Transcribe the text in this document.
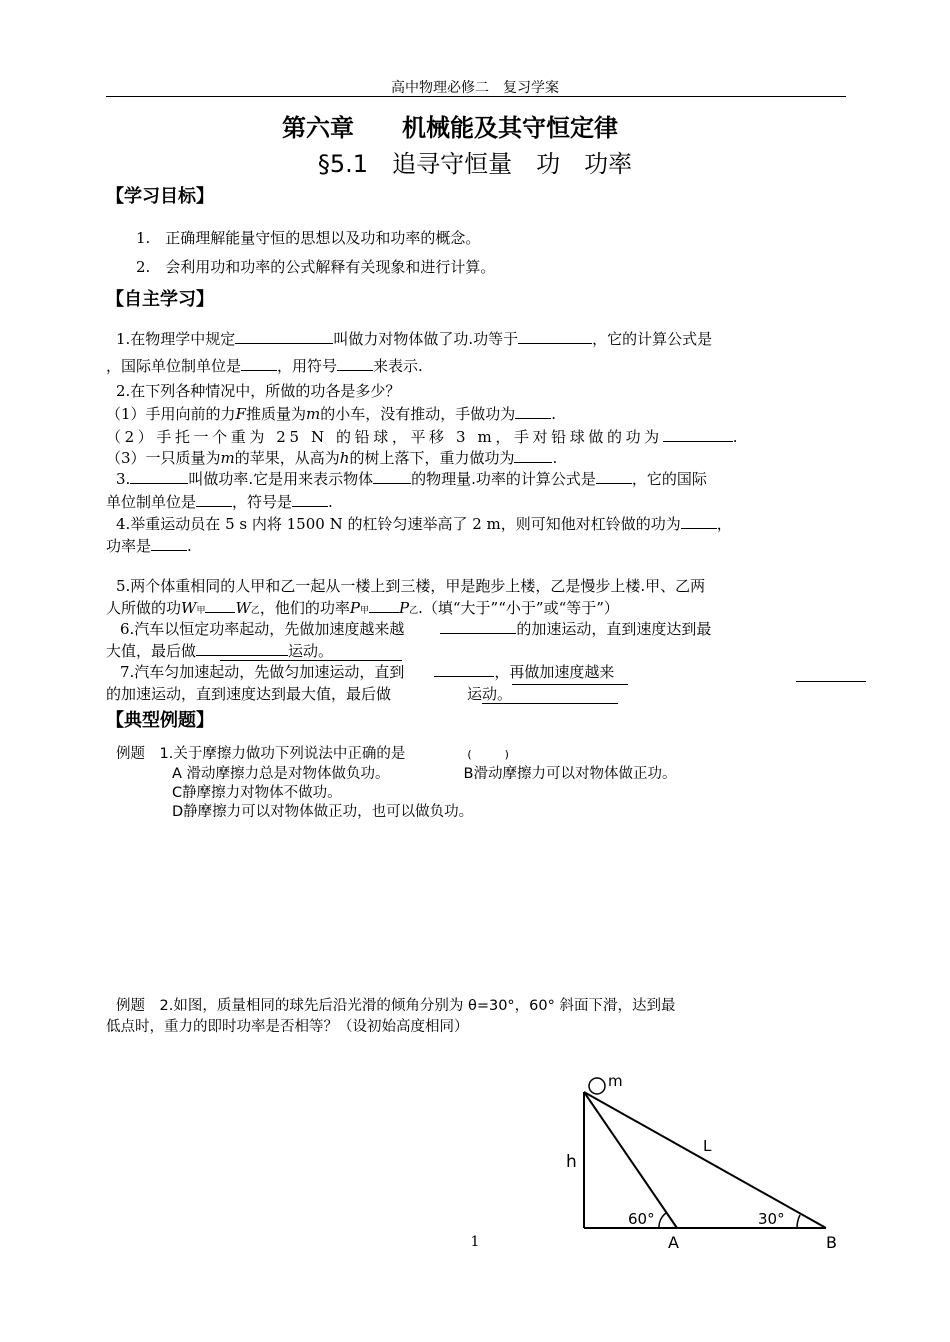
高中物理必修二　复习学案
第六章　　机械能及其守恒定律
§5.1　追寻守恒量　功　功率
【学习目标】
1.　正确理解能量守恒的思想以及功和功率的概念。
2.　会利用功和功率的公式解释有关现象和进行计算。
【自主学习】
1.在物理学中规定	叫做力对物体做了功.功等于	，它的计算公式是
，国际单位制单位是 ，用符号 来表示.
2.在下列各种情况中，所做的功各是多少？
（1）手用向前的力F推质量为m的小车，没有推动，手做功为 .
（2）手托一个重为 25 N 的铅球，平移 3 m，手对铅球做的功为	.
（3）一只质量为m的苹果，从高为h的树上落下，重力做功为	.
3.	叫做功率.它是用来表示物体	的物理量.功率的计算公式是 ，它的国际
单位制单位是 ，符号是 .
4.举重运动员在 5 s 内将 1500 N 的杠铃匀速举高了 2 m，则可知他对杠铃做的功为 ，
功率是 .
5.两个体重相同的人甲和乙一起从一楼上到三楼，甲是跑步上楼，乙是慢步上楼.甲、乙两
人所做的功W甲 W乙，他们的功率P甲 P乙.（填“大于”“小于”或“等于”）
6.汽车以恒定功率起动，先做加速度越来越	的加速运动，直到速度达到最
大值，最后做	运动。
7.汽车匀加速起动，先做匀加速运动，直到	，再做加速度越来
的加速运动，直到速度达到最大值，最后做	运动。
【典型例题】
例题　1.关于摩擦力做功下列说法中正确的是	(　　　)
A 滑动摩擦力总是对物体做负功。	B滑动摩擦力可以对物体做正功。
C静摩擦力对物体不做功。
D静摩擦力可以对物体做正功，也可以做负功。
例题　2.如图，质量相同的球先后沿光滑的倾角分别为 θ=30°，60° 斜面下滑，达到最
低点时，重力的即时功率是否相等？（设初始高度相同）
m
h
L
60°	30°
A	B
1
